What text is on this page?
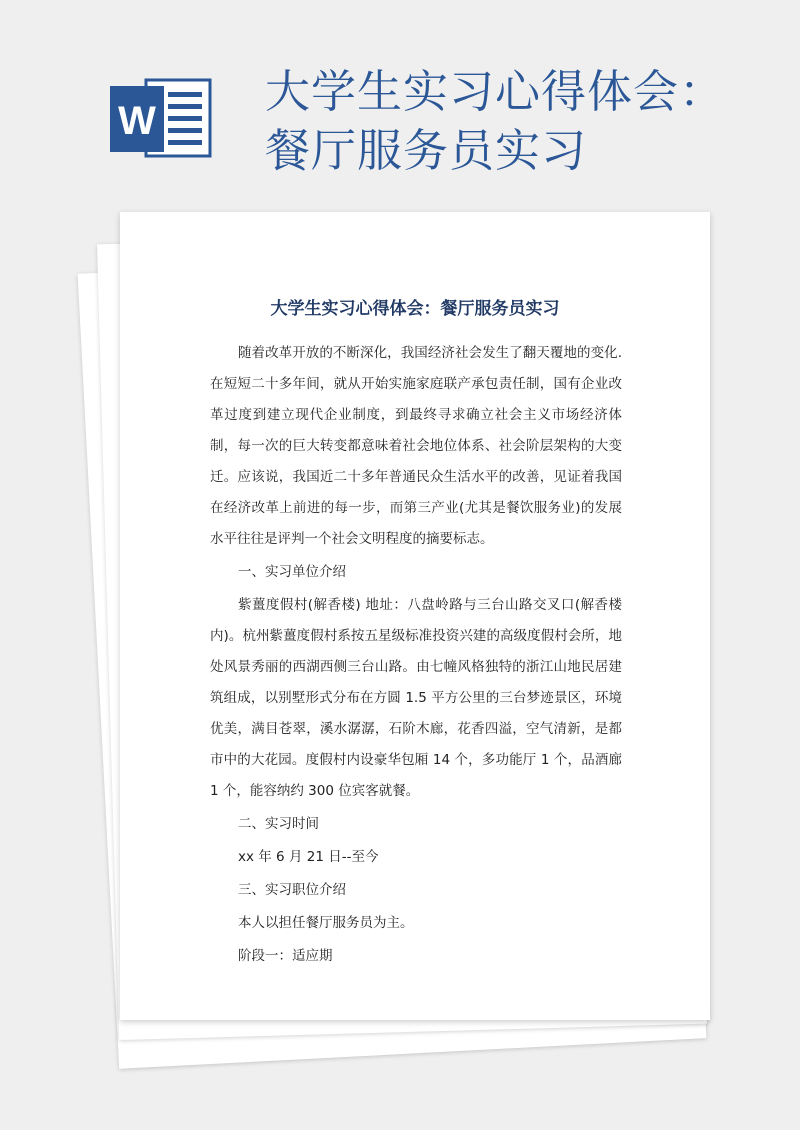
W
大学生实习心得体会：
餐厅服务员实习
大学生实习心得体会：餐厅服务员实习

随着改革开放的不断深化，我国经济社会发生了翻天覆地的变化.在短短二十多年间，就从开始实施家庭联产承包责任制，国有企业改革过度到建立现代企业制度，到最终寻求确立社会主义市场经济体制，每一次的巨大转变都意味着社会地位体系、社会阶层架构的大变迁。应该说，我国近二十多年普通民众生活水平的改善，见证着我国在经济改革上前进的每一步，而第三产业(尤其是餐饮服务业)的发展水平往往是评判一个社会文明程度的摘要标志。

一、实习单位介绍

紫薑度假村(解香楼) 地址：八盘岭路与三台山路交叉口(解香楼内)。杭州紫薑度假村系按五星级标准投资兴建的高级度假村会所，地处风景秀丽的西湖西侧三台山路。由七幢风格独特的浙江山地民居建筑组成，以别墅形式分布在方圆 1.5 平方公里的三台梦迹景区，环境优美，满目苍翠，溪水潺潺，石阶木廊，花香四溢，空气清新，是都市中的大花园。度假村内设豪华包厢 14 个，多功能厅 1 个，品酒廊 1 个，能容纳约 300 位宾客就餐。

二、实习时间

xx 年 6 月 21 日--至今

三、实习职位介绍

本人以担任餐厅服务员为主。

阶段一：适应期
